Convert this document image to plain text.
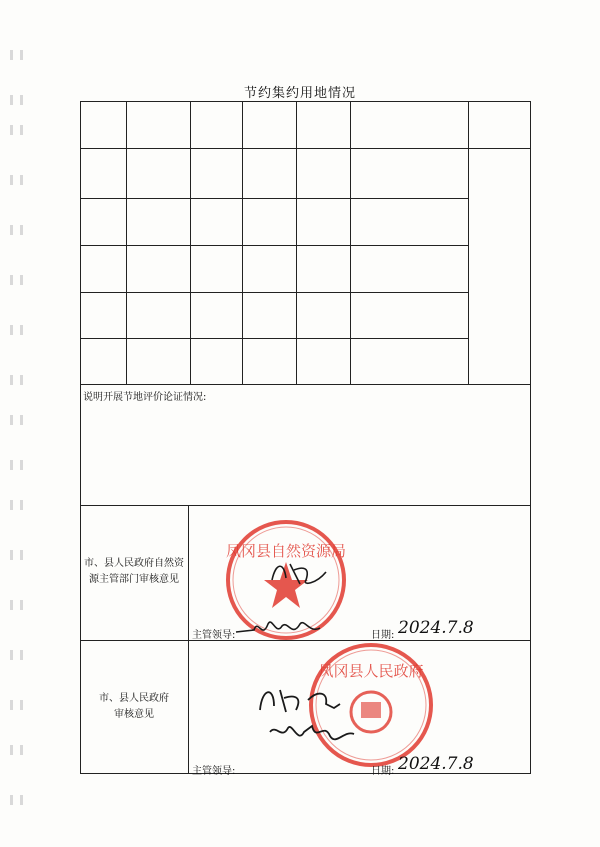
节约集约用地情况
说明开展节地评价论证情况:
市、县人民政府自然资
源主管部门审核意见
凤冈县自然资源局
主管领导:	日期: 2024.7.8
市、县人民政府
审核意见
凤冈县人民政府
主管领导:	日期: 2024.7.8
